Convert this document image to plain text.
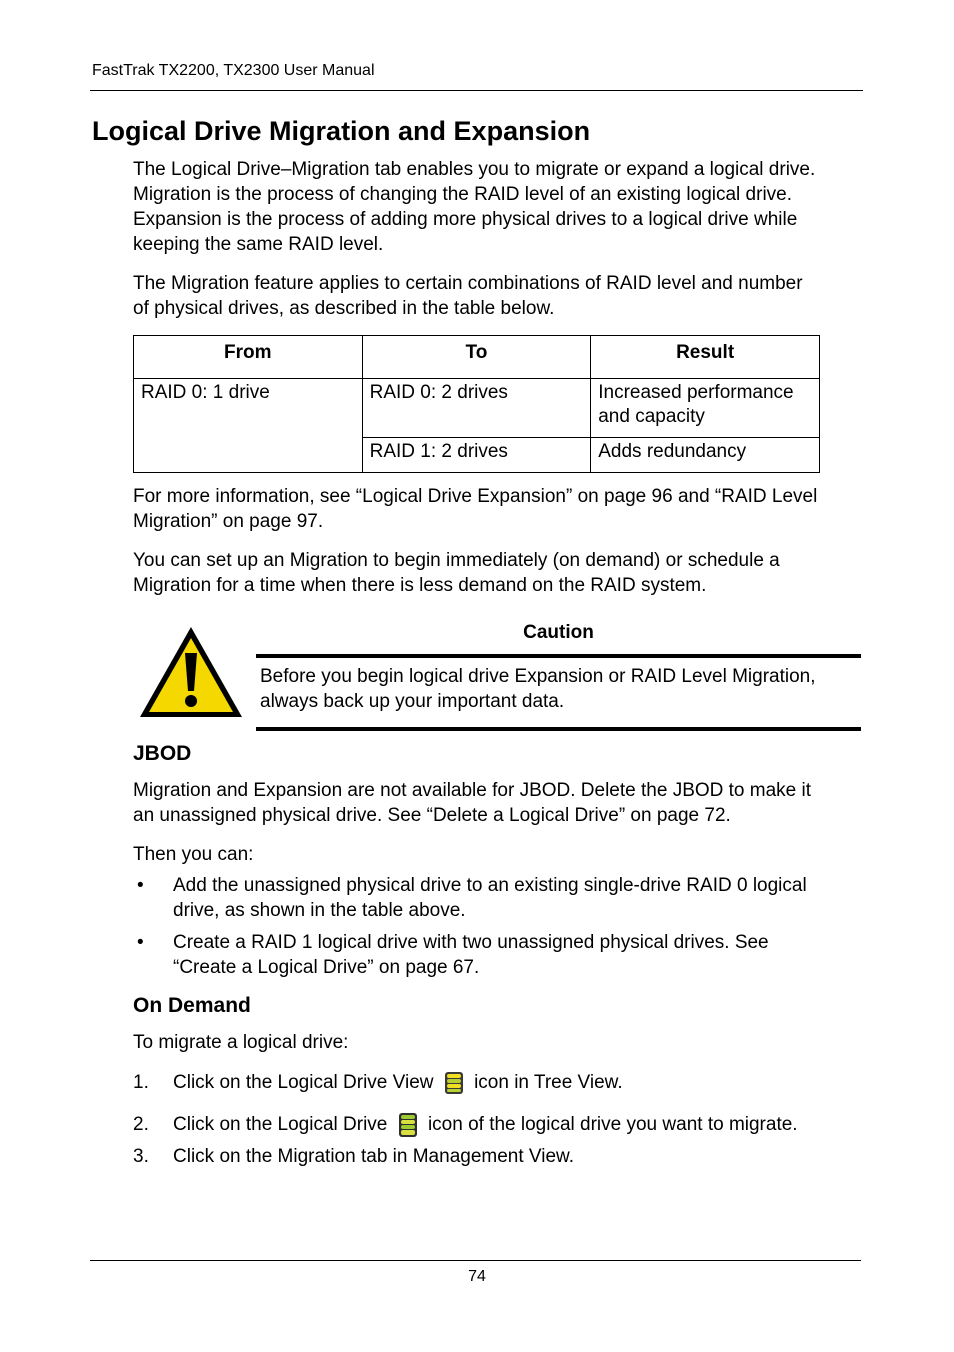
FastTrak TX2200, TX2300 User Manual
Logical Drive Migration and Expansion
The Logical Drive–Migration tab enables you to migrate or expand a logical drive.
Migration is the process of changing the RAID level of an existing logical drive.
Expansion is the process of adding more physical drives to a logical drive while
keeping the same RAID level.
The Migration feature applies to certain combinations of RAID level and number
of physical drives, as described in the table below.
From	To	Result
RAID 0: 1 drive	RAID 0: 2 drives	Increased performance
and capacity

	RAID 1: 2 drives	Adds redundancy
For more information, see “Logical Drive Expansion” on page 96 and “RAID Level
Migration” on page 97.
You can set up an Migration to begin immediately (on demand) or schedule a
Migration for a time when there is less demand on the RAID system.
Caution
Before you begin logical drive Expansion or RAID Level Migration,
always back up your important data.
JBOD
Migration and Expansion are not available for JBOD. Delete the JBOD to make it
an unassigned physical drive. See “Delete a Logical Drive” on page 72.
Then you can:
• Add the unassigned physical drive to an existing single-drive RAID 0 logical
drive, as shown in the table above.
• Create a RAID 1 logical drive with two unassigned physical drives. See
“Create a Logical Drive” on page 67.
On Demand
To migrate a logical drive:
1. Click on the Logical Drive View icon in Tree View.
2. Click on the Logical Drive icon of the logical drive you want to migrate.
3. Click on the Migration tab in Management View.
74
